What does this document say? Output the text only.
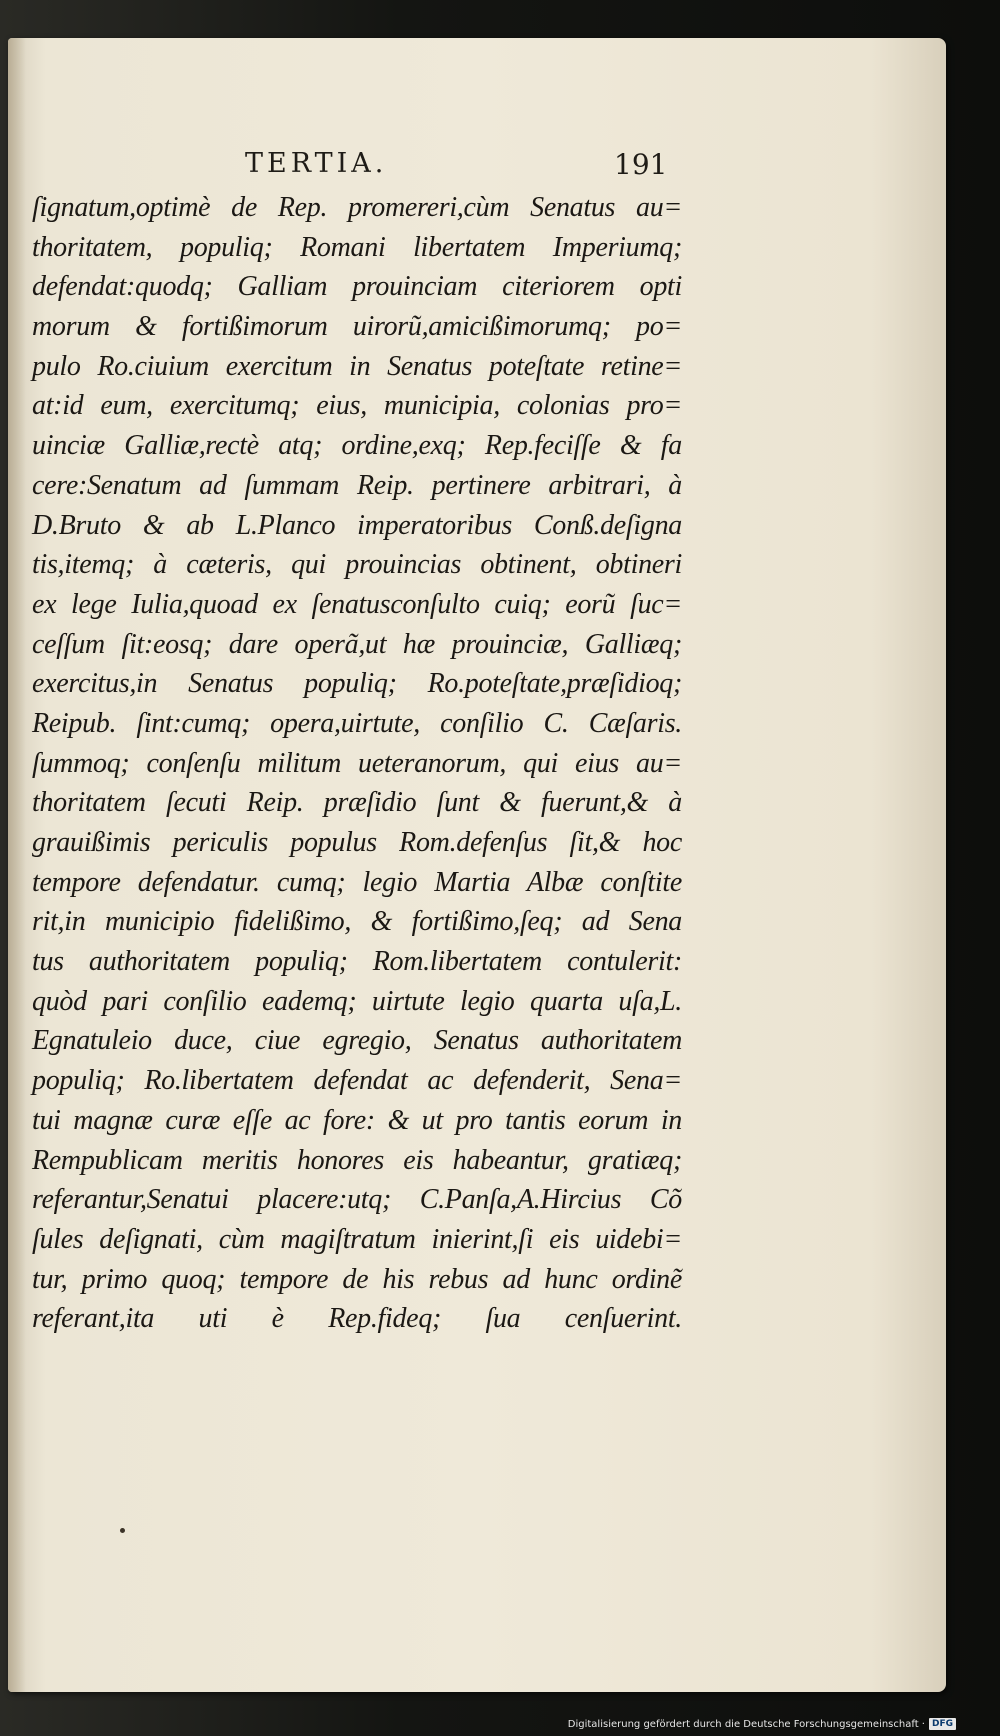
TERTIA.	191
ſignatum,optimè de Rep. promereri,cùm Senatus au=
thoritatem, populiq; Romani libertatem Imperiumq;
defendat:quodq; Galliam prouinciam citeriorem opti
morum & fortißimorum uirorũ,amicißimorumq; po=
pulo Ro.ciuium exercitum in Senatus poteſtate retine=
at:id eum, exercitumq; eius, municipia, colonias pro=
uinciæ Galliæ,rectè atq; ordine,exq; Rep.feciſſe & fa
cere:Senatum ad ſummam Reip. pertinere arbitrari, à
D.Bruto & ab L.Planco imperatoribus Conß.deſigna
tis,itemq; à cæteris, qui prouincias obtinent, obtineri
ex lege Iulia,quoad ex ſenatusconſulto cuiq; eorũ ſuc=
ceſſum ſit:eosq; dare operã,ut hæ prouinciæ, Galliæq;
exercitus,in Senatus populiq; Ro.poteſtate,præſidioq;
Reipub. ſint:cumq; opera,uirtute, conſilio C. Cæſaris.
ſummoq; conſenſu militum ueteranorum, qui eius au=
thoritatem ſecuti Reip. præſidio ſunt & fuerunt,& à
grauißimis periculis populus Rom.defenſus ſit,& hoc
tempore defendatur. cumq; legio Martia Albæ conſtite
rit,in municipio fidelißimo, & fortißimo,ſeq; ad Sena
tus authoritatem populiq; Rom.libertatem contulerit:
quòd pari conſilio eademq; uirtute legio quarta uſa,L.
Egnatuleio duce, ciue egregio, Senatus authoritatem
populiq; Ro.libertatem defendat ac defenderit, Sena=
tui magnæ curæ eſſe ac fore: & ut pro tantis eorum in
Rempublicam meritis honores eis habeantur, gratiæq;
referantur,Senatui placere:utq; C.Panſa,A.Hircius Cõ
ſules deſignati, cùm magiſtratum inierint,ſi eis uidebi=
tur, primo quoq; tempore de his rebus ad hunc ordinẽ
referant,ita uti è Rep.fideq; ſua cenſuerint.
Digitalisierung gefördert durch die Deutsche Forschungsgemeinschaft · DFG
